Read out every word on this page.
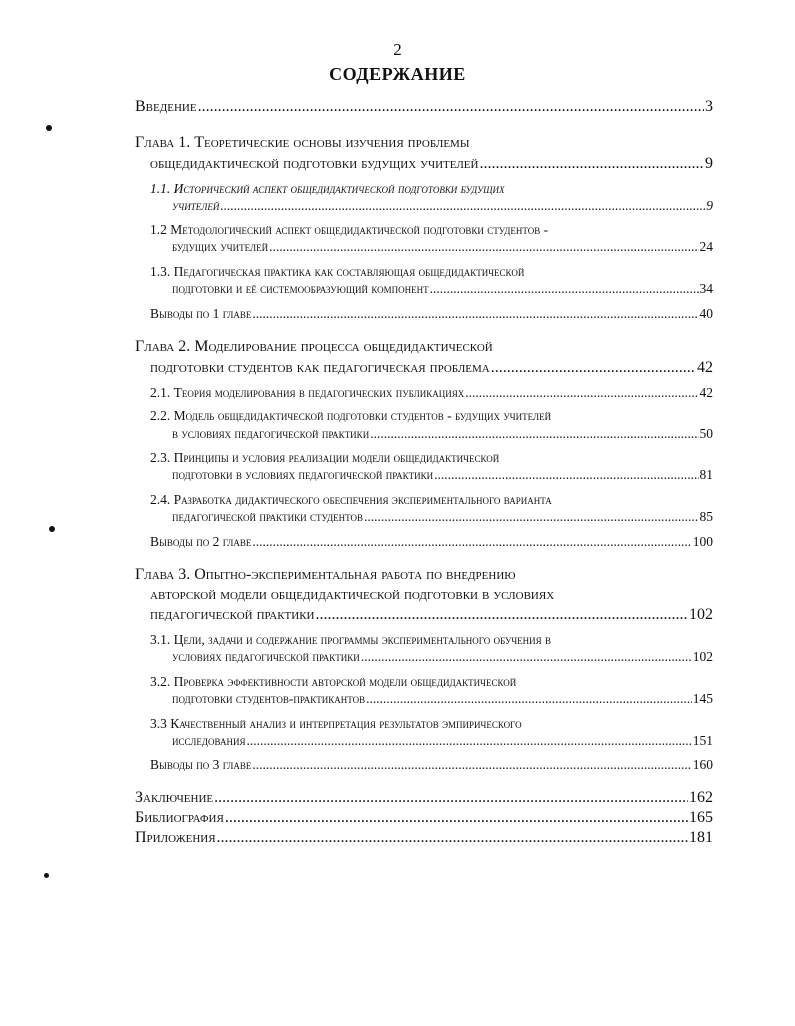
2
СОДЕРЖАНИЕ
Введение .....	3
Глава 1. Теоретические основы изучения проблемы
общедидактической подготовки будущих учителей .....	9
1.1. Исторический аспект общедидактической подготовки будущих
учителей .....	9
1.2 Методологический аспект общедидактической подготовки студентов -
будущих учителей .....	24
1.3. Педагогическая практика как составляющая общедидактической
подготовки и её системообразующий компонент .....	34
Выводы по 1 главе .....	40
Глава 2. Моделирование процесса общедидактической
подготовки студентов как педагогическая проблема .....	42
2.1. Теория моделирования в педагогических публикациях .....	42
2.2. Модель общедидактической подготовки студентов - будущих учителей
в условиях педагогической практики .....	50
2.3. Принципы и условия реализации модели общедидактической
подготовки в условиях педагогической практики .....	81
2.4. Разработка дидактического обеспечения экспериментального варианта
педагогической практики студентов .....	85
Выводы по 2 главе .....	100
Глава 3. Опытно-экспериментальная работа по внедрению
авторской модели общедидактической подготовки в условиях
педагогической практики .....	102
3.1. Цели, задачи и содержание программы экспериментального обучения в
условиях педагогической практики .....	102
3.2. Проверка эффективности авторской модели общедидактической
подготовки студентов-практикантов .....	145
3.3 Качественный анализ и интерпретация результатов эмпирического
исследования .....	151
Выводы по 3 главе .....	160
Заключение .....	162
Библиография .....	165
Приложения .....	181
